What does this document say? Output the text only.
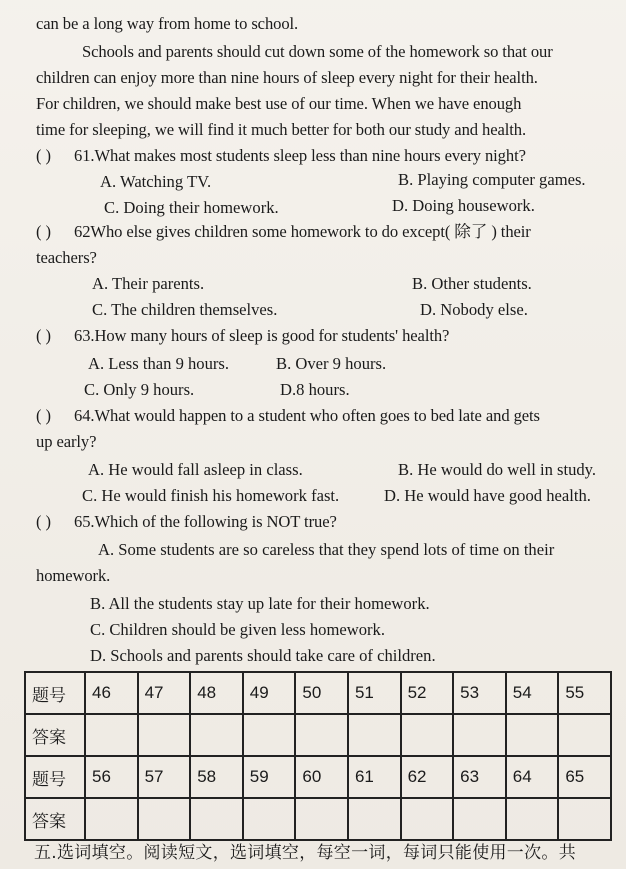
can be a long way from home to school.
Schools and parents should cut down some of the homework so that our
children can enjoy more than nine hours of sleep every night for their health.
For children, we should make best use of our time. When we have enough
time for sleeping, we will find it much better for both our study and health.
( ) 61.What makes most students sleep less than nine hours every night?
A. Watching TV.	B. Playing computer games.
C. Doing their homework.	D. Doing housework.
( ) 62Who else gives children some homework to do except( 除了 ) their
teachers?
A. Their parents.	B. Other students.
C. The children themselves.	D. Nobody else.
( ) 63.How many hours of sleep is good for students' health?
A. Less than 9 hours.	B. Over 9 hours.
C. Only 9 hours.	D.8 hours.
( ) 64.What would happen to a student who often goes to bed late and gets
up early?
A. He would fall asleep in class.	B. He would do well in study.
C. He would finish his homework fast.	D. He would have good health.
( ) 65.Which of the following is NOT true?
A. Some students are so careless that they spend lots of time on their
homework.
B. All the students stay up late for their homework.
C. Children should be given less homework.
D. Schools and parents should take care of children.
题号	46	47	48	49	50	51	52	53	54	55
答案										
题号	56	57	58	59	60	61	62	63	64	65
答案										
五.选词填空。阅读短文，选词填空，每空一词，每词只能使用一次。共
